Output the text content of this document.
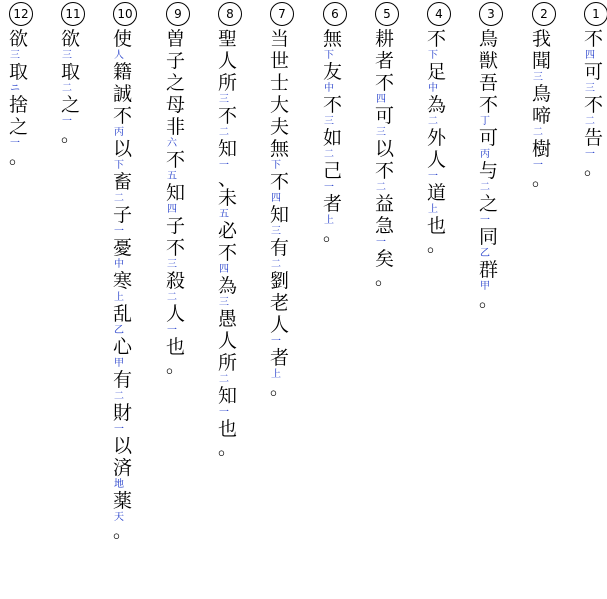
1
不
四
可
三
不
二
告
一
。
2
我
聞
三
鳥
啼
二
樹
一
。
3
鳥
獣
吾
不
丁
可
丙
与
二
之
一
同
乙
群
甲
。
4
不
下
足
中
為
二
外
人
一
道
上
也
。
5
耕
者
不
四
可
三
以
不
二
益
急
一
矣
。
6
無
下
友
中
不
三
如
二
己
一
者
上
。
7
当
世
士
大
夫
無
下
不
四
知
三
有
二
劉
老
人
一
者
上
。
8
聖
人
所
三
不
二
知
一
、
未
五
必
不
四
為
三
愚
人
所
二
知
一
也
。
9
曽
子
之
母
非
六
不
五
知
四
子
不
三
殺
二
人
一
也
。
10
使
人
籍
誠
不
丙
以
下
畜
二
子
一
憂
中
寒
上
乱
乙
心
甲
有
二
財
一
以
済
地
薬
天
。
11
欲
三
取
二
之
一
。
12
欲
三
取
ニ
捨
之
一
。
